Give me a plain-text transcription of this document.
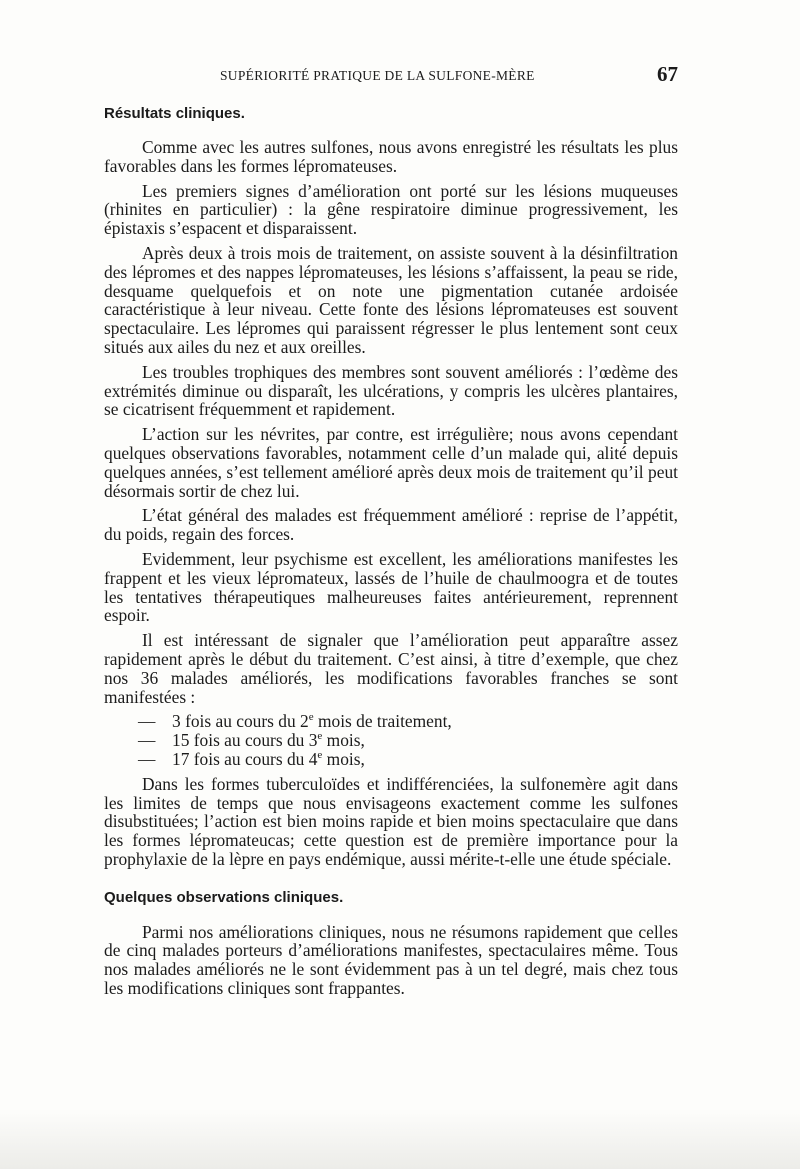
SUPÉRIORITÉ PRATIQUE DE LA SULFONE-MÈRE	67
Résultats cliniques.

Comme avec les autres sulfones, nous avons enregistré les résultats les plus favorables dans les formes lépromateuses.

Les premiers signes d’amélioration ont porté sur les lésions muqueuses (rhinites en particulier) : la gêne respiratoire diminue progressivement, les épistaxis s’espacent et disparaissent.

Après deux à trois mois de traitement, on assiste souvent à la désinfiltration des lépromes et des nappes lépromateuses, les lésions s’affaissent, la peau se ride, desquame quelquefois et on note une pigmentation cutanée ardoisée caractéristique à leur niveau. Cette fonte des lésions lépromateuses est souvent spectaculaire. Les lépromes qui paraissent régresser le plus lentement sont ceux situés aux ailes du nez et aux oreilles.

Les troubles trophiques des membres sont souvent améliorés : l’œdème des extrémités diminue ou disparaît, les ulcérations, y compris les ulcères plantaires, se cicatrisent fréquemment et rapidement.

L’action sur les névrites, par contre, est irrégulière; nous avons cependant quelques observations favorables, notamment celle d’un malade qui, alité depuis quelques années, s’est tellement amélioré après deux mois de traitement qu’il peut désormais sortir de chez lui.

L’état général des malades est fréquemment amélioré : reprise de l’appétit, du poids, regain des forces.

Evidemment, leur psychisme est excellent, les améliorations manifestes les frappent et les vieux lépromateux, lassés de l’huile de chaulmoogra et de toutes les tentatives thérapeutiques malheureuses faites antérieurement, reprennent espoir.

Il est intéressant de signaler que l’amélioration peut apparaître assez rapidement après le début du traitement. C’est ainsi, à titre d’exemple, que chez nos 36 malades améliorés, les modifications favorables franches se sont manifestées :

— 3 fois au cours du 2e mois de traitement,
— 15 fois au cours du 3e mois,
— 17 fois au cours du 4e mois,

Dans les formes tuberculoïdes et indifférenciées, la sulfonemère agit dans les limites de temps que nous envisageons exactement comme les sulfones disubstituées; l’action est bien moins rapide et bien moins spectaculaire que dans les formes lépromateucas; cette question est de première importance pour la prophylaxie de la lèpre en pays endémique, aussi mérite-t-elle une étude spéciale.

Quelques observations cliniques.

Parmi nos améliorations cliniques, nous ne résumons rapidement que celles de cinq malades porteurs d’améliorations manifestes, spectaculaires même. Tous nos malades améliorés ne le sont évidemment pas à un tel degré, mais chez tous les modifications cliniques sont frappantes.
